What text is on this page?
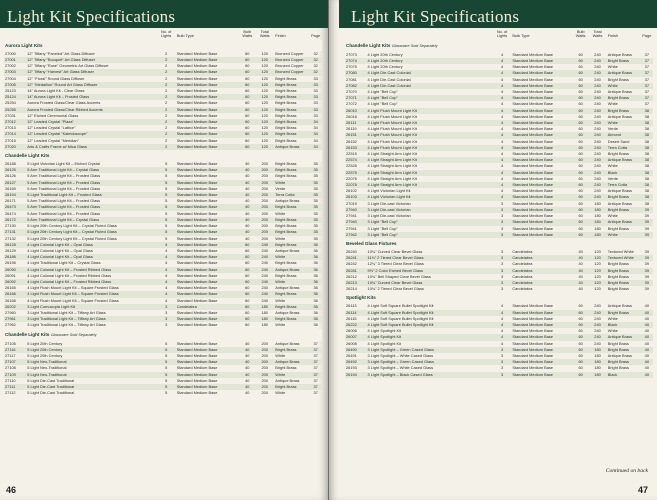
Light Kit Specifications
		No. of Lights	Bulb Type	Bulb Watts	Total Watts	Finish	Page
Aurora Light Kits							
27000	12" Tiffany "Paneled" Art Glass Diffuser	2	Standard Medium Base	60	120	Bronzed Copper	32
27001	12" Tiffany "Bouquet" Art Glass Diffuser	2	Standard Medium Base	60	120	Bronzed Copper	32
27002	12" Tiffany "Rose" Geometric Art Glass Diffuser	2	Standard Medium Base	60	120	Bronzed Copper	32
27003	12" Tiffany "Harvest" Art Glass Diffuser	2	Standard Medium Base	60	120	Bronzed Copper	32
27004	12" "Floral" Round Glass Diffuser	2	Standard Medium Base	60	120	Bright Brass	33
27005	12" "Medallion" Round Art Glass Diffuser	2	Standard Medium Base	60	120	Bright Brass	33
25123	14" Aurora Light Kit - Clear Glass	2	Standard Medium Base	60	120	Bright Brass	33
25124	14" Aurora Light Kit – Frosted Glass	2	Standard Medium Base	60	120	Bright Brass	33
25254	Aurora Frosted Glass/Clear Glass Accents	2	Standard Medium Base	60	120	Bright Brass	33
25255	Aurora Frosted Glass/Clear Ribbed Accents	2	Standard Medium Base	60	120	Bright Brass	33
27031	12" Etched Ceremonial Glass	2	Standard Medium Base	60	120	Bright Brass	33
27012	12" Leaded Crystal "Plaza"	2	Standard Medium Base	60	120	Bright Brass	34
27013	12" Leaded Crystal "Lattice"	2	Standard Medium Base	60	120	Bright Brass	34
27014	12" Leaded Crystal "Kaleidoscope"	2	Standard Medium Base	60	120	Bright Brass	34
27015	12" Leaded Crystal "Meridian"	2	Standard Medium Base	60	120	Bright Brass	34
27020	Arts & Crafts Frame w/ Mica Glass	2	Standard Medium Base	60	120	Antique Brass	34
Chandelle Light Kits							
26188	5 Light Victorian Light Kit – Etched Crystal	5	Standard Medium Base	40	200	Bright Brass	35
26125	5 Arm Traditional Light Kit – Crystal Glass	5	Standard Medium Base	40	200	Bright Brass	35
26126	5 Arm Traditional Light Kit – Frosted Glass	5	Standard Medium Base	40	200	Bright Brass	35
26127	5 Arm Traditional Light Kit – Frosted Glass	5	Standard Medium Base	40	200	White	35
26169	5 Arm Traditional Light Kit – Frosted Glass	5	Standard Medium Base	40	200	Verde	35
26194	5 Light Traditional Light Kit – Frosted Glass	5	Standard Medium Base	40	200	Terra Cotta	35
26171	5 Arm Traditional Light Kit – Frosted Glass	5	Standard Medium Base	40	200	Antique Brass	35
26473	5 Arm Traditional Light Kit – Frosted Glass	5	Standard Medium Base	40	200	Bright Brass	35
26474	5 Arm Traditional Light Kit – Frosted Glass	5	Standard Medium Base	40	200	White	35
26172	5 Arm Traditional Light Kit – Crystal Glass	5	Standard Medium Base	40	200	Bright Brass	35
27130	5 Light 20th Century Light Kit – Crystal Fluted Glass	5	Standard Medium Base	40	200	Bright Brass	35
27131	5 Light 20th Century Light Kit – Crystal Fluted Glass	5	Standard Medium Base	40	200	Bright Brass	35
27132	5 Light 20th Century Light Kit – Crystal Fluted Glass	5	Standard Medium Base	40	200	White	35
26128	4 Light Colonial Light Kit – Opal Glass	4	Standard Medium Base	60	240	Bright Brass	36
26129	4 Light Colonial Light Kit – Opal Glass	4	Standard Medium Base	60	240	Antique Brass	36
26186	4 Light Colonial Light Kit – Opal Glass	4	Standard Medium Base	60	240	White	36
26196	4 Light Traditional Light Kit – Crystal Glass	4	Standard Medium Base	60	240	Bright Brass	36
26090	4 Light Colonial Light Kit – Frosted Ribbed Glass	4	Standard Medium Base	60	240	Antique Brass	36
26091	4 Light Colonial Light Kit – Frosted Ribbed Glass	4	Standard Medium Base	60	240	Bright Brass	36
26092	4 Light Colonial Light Kit – Frosted Ribbed Glass	4	Standard Medium Base	60	240	White	36
26165	4 Light Flush Mount Light Kit – Square Frosted Glass	4	Standard Medium Base	60	240	Antique Brass	36
26166	4 Light Flush Mount Light Kit – Square Frosted Glass	4	Standard Medium Base	60	240	Bright Brass	36
26168	4 Light Flush Mount Light Kit – Square Frosted Glass	4	Standard Medium Base	60	240	White	36
26202	3 Light Cornucopia Light Kit	3	Candelabra	60	180	Bright Brass	36
27960	3 Light Traditional Light Kit – Tiffany Art Glass	3	Standard Medium Base	60	180	Antique Brass	36
27961	3 Light Traditional Light Kit – Tiffany Art Glass	3	Standard Medium Base	60	180	Bright Brass	36
27962	3 Light Traditional Light Kit – Tiffany Art Glass	3	Standard Medium Base	60	180	White	36
Chandelle Light Kits Glassware Sold Separately							
27105	5 Light 20th Century	5	Standard Medium Base	40	200	Antique Brass	37
27116	5 Light 20th Century	5	Standard Medium Base	40	200	Bright Brass	37
27117	5 Light 20th Century	5	Standard Medium Base	40	200	White	37
27107	5 Light Neo-Traditional	5	Standard Medium Base	40	200	Antique Brass	37
27108	5 Light Neo-Traditional	5	Standard Medium Base	40	200	Bright Brass	37
27109	5 Light Neo-Traditional	5	Standard Medium Base	40	200	White	37
27110	5 Light Die-Cast Traditional	5	Standard Medium Base	40	200	Antique Brass	37
27111	5 Light Die-Cast Traditional	5	Standard Medium Base	40	200	Bright Brass	37
27112	5 Light Die-Cast Traditional	5	Standard Medium Base	40	200	White	37
46
Light Kit Specifications
		No. of Lights	Bulb Type	Bulb Watts	Total Watts	Finish	Page
Chandelle Light Kits Glassware Sold Separately							
27073	4 Light 20th Century	4	Standard Medium Base	60	240	Antique Brass	37
27074	4 Light 20th Century	4	Standard Medium Base	60	240	Bright Brass	37
27075	4 Light 20th Century	4	Standard Medium Base	60	240	White	37
27080	4 Light Die-Cast Colonial	4	Standard Medium Base	60	240	Antique Brass	37
27081	4 Light Die-Cast Colonial	4	Standard Medium Base	60	240	Bright Brass	37
27082	4 Light Die-Cast Colonial	4	Standard Medium Base	60	240	White	37
27070	4 Light "Bell Cup"	4	Standard Medium Base	60	240	Antique Brass	37
27071	4 Light "Bell Cup"	4	Standard Medium Base	60	240	Bright Brass	37
27072	4 Light "Bell Cup"	4	Standard Medium Base	60	240	White	37
26010	4 Light Flush Mount Light Kit	4	Standard Medium Base	60	240	Bright Brass	38
26018	4 Light Flush Mount Light Kit	4	Standard Medium Base	60	240	Antique Brass	38
26111	4 Light Flush Mount Light Kit	4	Standard Medium Base	60	240	White	38
26119	4 Light Flush Mount Light Kit	4	Standard Medium Base	60	240	Verde	38
26151	4 Light Flush Mount Light Kit	4	Standard Medium Base	60	240	Almond	38
26152	4 Light Flush Mount Light Kit	4	Standard Medium Base	60	240	Desert Sand	38
26153	4 Light Flush Mount Light Kit	4	Standard Medium Base	60	240	Terra Cotta	38
22515	4 Light Straight Arm Light Kit	4	Standard Medium Base	60	240	Bright Brass	38
22574	4 Light Straight Arm Light Kit	4	Standard Medium Base	60	240	Antique Brass	38
22528	4 Light Straight Arm Light Kit	4	Standard Medium Base	60	240	White	38
22575	4 Light Straight Arm Light Kit	4	Standard Medium Base	60	240	Black	38
22076	4 Light Straight Arm Light Kit	4	Standard Medium Base	60	240	Verde	38
22078	4 Light Straight Arm Light Kit	4	Standard Medium Base	60	240	Terra Cotta	38
26102	4 Light Victorian Light Kit	4	Standard Medium Base	60	240	Antique Brass	38
26103	4 Light Victorian Light Kit	4	Standard Medium Base	60	240	Bright Brass	38
27019	3 Light Die-cast Victorian	3	Standard Medium Base	60	180	Antique Brass	38
27940	3 Light Die-cast Victorian	3	Standard Medium Base	60	180	Bright Brass	39
27941	3 Light Die-cast Victorian	3	Standard Medium Base	60	180	White	39
27940	3 Light "Bell Cup"	3	Standard Medium Base	60	180	Antique Brass	39
27941	3 Light "Bell Cup"	3	Standard Medium Base	60	180	Bright Brass	39
27942	3 Light "Bell Cup"	3	Standard Medium Base	60	180	White	39
Beveled Glass Fixtures							
26240	10¾" Curved Clear Bevel Glass	3	Candelabra	40	120	Textured White	39
26241	11¾" 2 Tiered Clear Bevel Glass	3	Candelabra	40	120	Textured White	39
26242	12¾" 3 Tiered Clear Bevel Glass	3	Candelabra	40	120	Bright Brass	39
26281	9½" 2 Color Etched Bevel Glass	3	Candelabra	40	120	Bright Brass	39
26212	10¾" Bell Shaped Clear Bevel Glass	3	Candelabra	40	120	Bright Brass	39
26213	10¾" Curved Clear Bevel Glass	3	Candelabra	40	120	Bright Brass	39
26214	10¾" 2 Tiered Clear Bevel Glass	3	Candelabra	40	120	Bright Brass	39
Spotlight Kits							
26113	4 Light Soft Square Bullet Spotlight Kit	4	Standard Medium Base	60	240	Antique Brass	40
26114	4 Light Soft Square Bullet Spotlight Kit	4	Standard Medium Base	60	240	Bright Brass	40
26115	4 Light Soft Square Bullet Spotlight Kit	4	Standard Medium Base	60	240	White	40
26222	4 Light Soft Square Bullet Spotlight Kit	4	Standard Medium Base	60	240	Black	40
26006	4 Light Spotlight Kit	4	Standard Medium Base	60	240	White	40
26007	4 Light Spotlight Kit	4	Standard Medium Base	60	240	Antique Brass	40
26008	4 Light Spotlight Kit	4	Standard Medium Base	60	240	Bright Brass	40
26490	3 Light Spotlight – Green Cased Glass	3	Standard Medium Base	60	180	Bright Brass	40
26491	3 Light Spotlight – White Cased Glass	3	Standard Medium Base	60	180	Antique Brass	40
26492	3 Light Spotlight – Green Cased Glass	3	Standard Medium Base	60	180	Bright Brass	40
26193	3 Light Spotlight – White Cased Glass	3	Standard Medium Base	60	180	Bright Brass	40
26194	3 Light Spotlight – Black Cased Glass	3	Standard Medium Base	60	180	Black	40
Continued on back
47
